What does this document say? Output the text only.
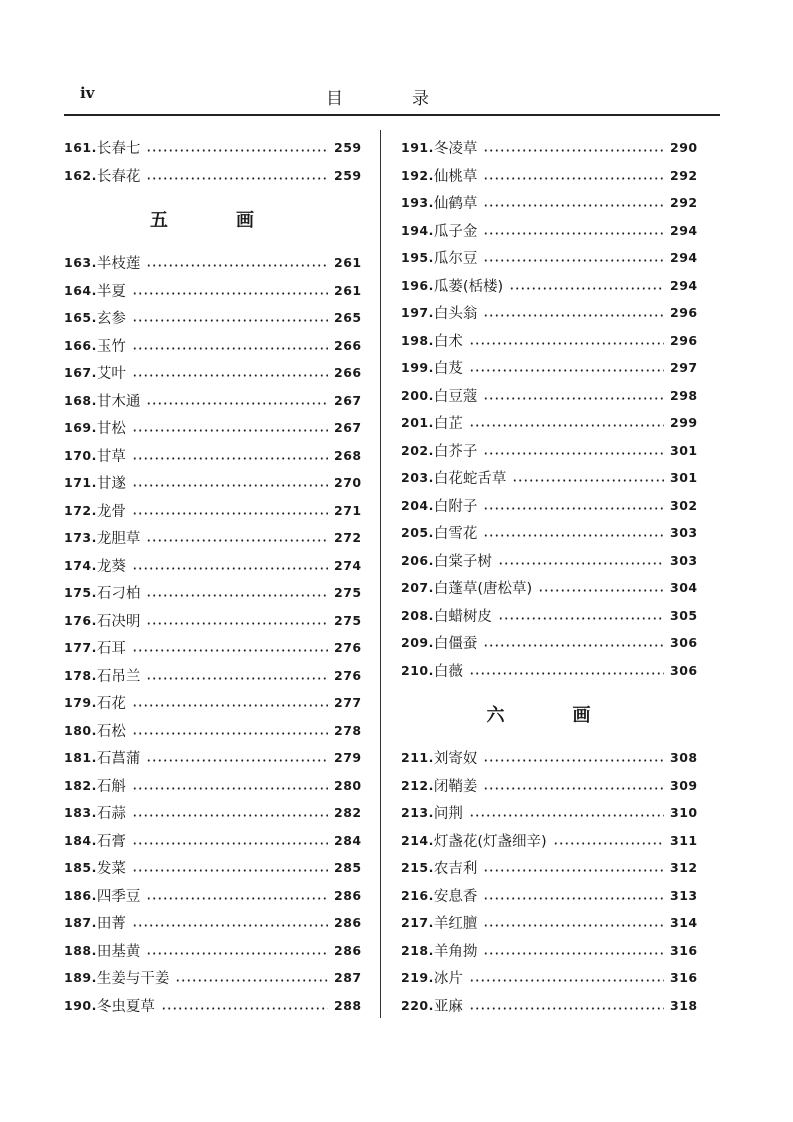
iv	目	录
161. 长春七	259
162. 长春花	259
五	画
163. 半枝莲	261
164. 半夏	261
165. 玄参	265
166. 玉竹	266
167. 艾叶	266
168. 甘木通	267
169. 甘松	267
170. 甘草	268
171. 甘遂	270
172. 龙骨	271
173. 龙胆草	272
174. 龙葵	274
175. 石刁柏	275
176. 石决明	275
177. 石耳	276
178. 石吊兰	276
179. 石花	277
180. 石松	278
181. 石菖蒲	279
182. 石斛	280
183. 石蒜	282
184. 石膏	284
185. 发菜	285
186. 四季豆	286
187. 田菁	286
188. 田基黄	286
189. 生姜与干姜	287
190. 冬虫夏草	288
191. 冬凌草	290
192. 仙桃草	292
193. 仙鹤草	292
194. 瓜子金	294
195. 瓜尔豆	294
196. 瓜蒌(栝楼)	294
197. 白头翁	296
198. 白术	296
199. 白芨	297
200. 白豆蔻	298
201. 白芷	299
202. 白芥子	301
203. 白花蛇舌草	301
204. 白附子	302
205. 白雪花	303
206. 白棠子树	303
207. 白蓬草(唐松草)	304
208. 白蜡树皮	305
209. 白僵蚕	306
210. 白薇	306
六	画
211. 刘寄奴	308
212. 闭鞘姜	309
213. 问荆	310
214. 灯盏花(灯盏细辛)	311
215. 农吉利	312
216. 安息香	313
217. 羊红膻	314
218. 羊角拗	316
219. 冰片	316
220. 亚麻	318
